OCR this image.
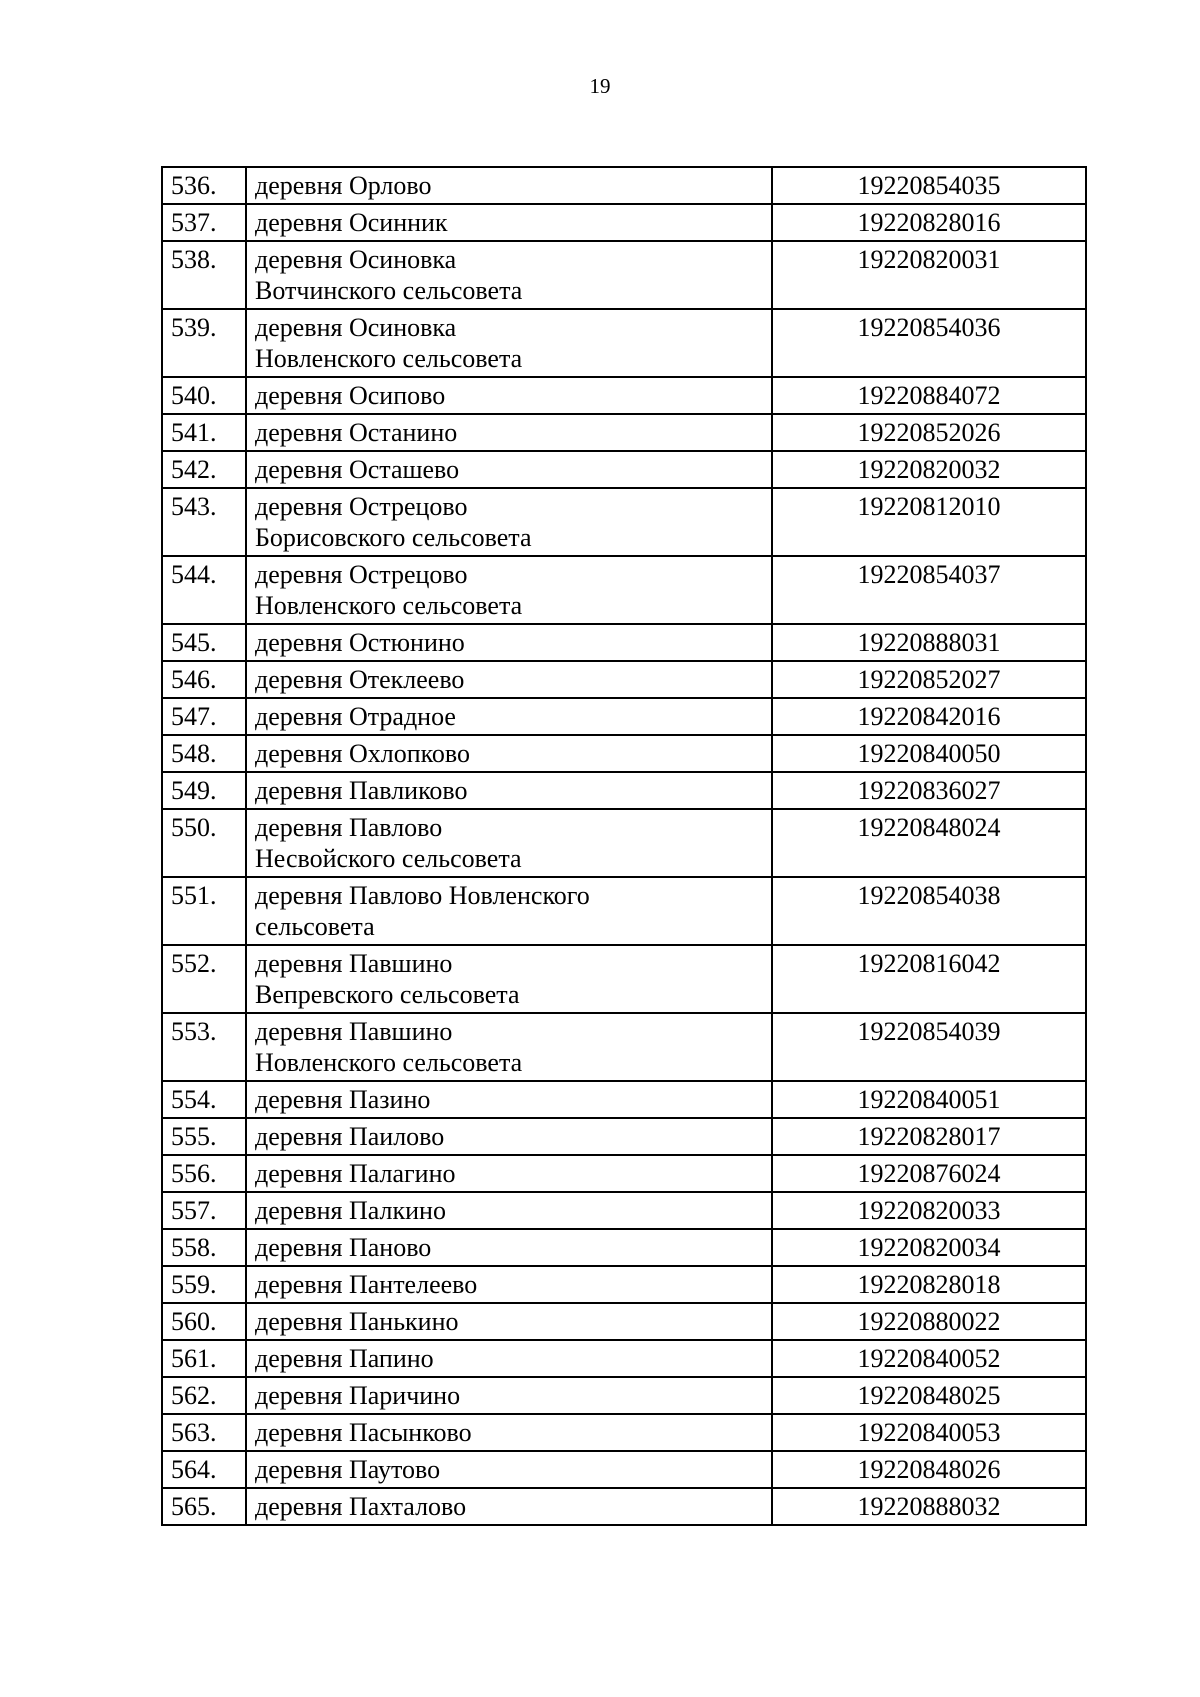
19
536.	деревня Орлово	19220854035
537.	деревня Осинник	19220828016
538.	деревня Осиновка
Вотчинского сельсовета	19220820031
539.	деревня Осиновка
Новленского сельсовета	19220854036
540.	деревня Осипово	19220884072
541.	деревня Останино	19220852026
542.	деревня Осташево	19220820032
543.	деревня Острецово
Борисовского сельсовета	19220812010
544.	деревня Острецово
Новленского сельсовета	19220854037
545.	деревня Остюнино	19220888031
546.	деревня Отеклеево	19220852027
547.	деревня Отрадное	19220842016
548.	деревня Охлопково	19220840050
549.	деревня Павликово	19220836027
550.	деревня Павлово
Несвойского сельсовета	19220848024
551.	деревня Павлово Новленского
сельсовета	19220854038
552.	деревня Павшино
Вепревского сельсовета	19220816042
553.	деревня Павшино
Новленского сельсовета	19220854039
554.	деревня Пазино	19220840051
555.	деревня Паилово	19220828017
556.	деревня Палагино	19220876024
557.	деревня Палкино	19220820033
558.	деревня Паново	19220820034
559.	деревня Пантелеево	19220828018
560.	деревня Панькино	19220880022
561.	деревня Папино	19220840052
562.	деревня Паричино	19220848025
563.	деревня Пасынково	19220840053
564.	деревня Паутово	19220848026
565.	деревня Пахталово	19220888032
